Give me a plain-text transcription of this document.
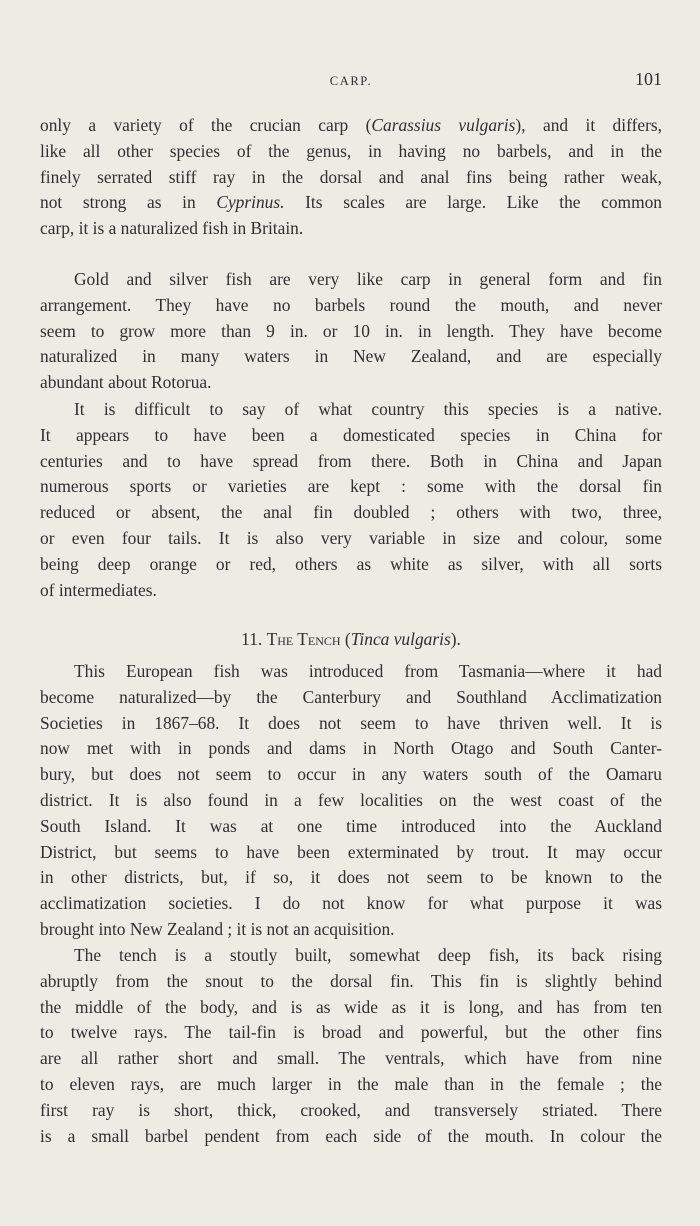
CARP.	101
only a variety of the crucian carp (Carassius vulgaris), and it differs,
like all other species of the genus, in having no barbels, and in the
finely serrated stiff ray in the dorsal and anal fins being rather weak,
not strong as in Cyprinus. Its scales are large. Like the common
carp, it is a naturalized fish in Britain.
Gold and silver fish are very like carp in general form and fin
arrangement. They have no barbels round the mouth, and never
seem to grow more than 9 in. or 10 in. in length. They have become
naturalized in many waters in New Zealand, and are especially
abundant about Rotorua.
It is difficult to say of what country this species is a native.
It appears to have been a domesticated species in China for
centuries and to have spread from there. Both in China and Japan
numerous sports or varieties are kept : some with the dorsal fin
reduced or absent, the anal fin doubled ; others with two, three,
or even four tails. It is also very variable in size and colour, some
being deep orange or red, others as white as silver, with all sorts
of intermediates.
11. The Tench (Tinca vulgaris).
This European fish was introduced from Tasmania—where it had
become naturalized—by the Canterbury and Southland Acclimatization
Societies in 1867–68. It does not seem to have thriven well. It is
now met with in ponds and dams in North Otago and South Canter-
bury, but does not seem to occur in any waters south of the Oamaru
district. It is also found in a few localities on the west coast of the
South Island. It was at one time introduced into the Auckland
District, but seems to have been exterminated by trout. It may occur
in other districts, but, if so, it does not seem to be known to the
acclimatization societies. I do not know for what purpose it was
brought into New Zealand ; it is not an acquisition.
The tench is a stoutly built, somewhat deep fish, its back rising
abruptly from the snout to the dorsal fin. This fin is slightly behind
the middle of the body, and is as wide as it is long, and has from ten
to twelve rays. The tail-fin is broad and powerful, but the other fins
are all rather short and small. The ventrals, which have from nine
to eleven rays, are much larger in the male than in the female ; the
first ray is short, thick, crooked, and transversely striated. There
is a small barbel pendent from each side of the mouth. In colour the
